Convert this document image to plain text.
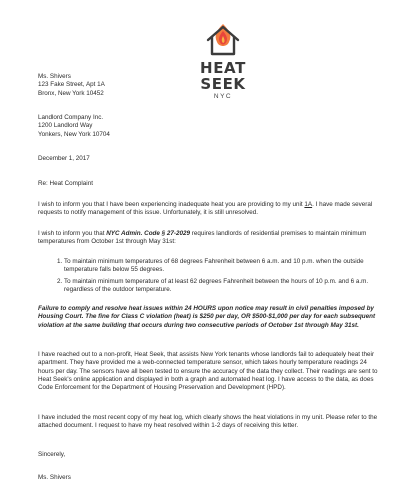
HEAT SEEK
NYC
Ms. Shivers
123 Fake Street, Apt 1A
Bronx, New York 10452
Landlord Company Inc.
1200 Landlord Way
Yonkers, New York 10704
December 1, 2017
Re: Heat Complaint
I wish to inform you that I have been experiencing inadequate heat you are providing to my unit 1A. I have made several requests to notify management of this issue. Unfortunately, it is still unresolved.
I wish to inform you that NYC Admin. Code § 27-2029 requires landlords of residential premises to maintain minimum temperatures from October 1st through May 31st:
1. To maintain minimum temperatures of 68 degrees Fahrenheit between 6 a.m. and 10 p.m. when the outside temperature falls below 55 degrees.
2. To maintain minimum temperature of at least 62 degrees Fahrenheit between the hours of 10 p.m. and 6 a.m. regardless of the outdoor temperature.
Failure to comply and resolve heat issues within 24 HOURS upon notice may result in civil penalties imposed by Housing Court. The fine for Class C violation (heat) is $250 per day, OR $500-$1,000 per day for each subsequent violation at the same building that occurs during two consecutive periods of October 1st through May 31st.
I have reached out to a non-profit, Heat Seek, that assists New York tenants whose landlords fail to adequately heat their apartment. They have provided me a web-connected temperature sensor, which takes hourly temperature readings 24 hours per day. The sensors have all been tested to ensure the accuracy of the data they collect. Their readings are sent to Heat Seek's online application and displayed in both a graph and automated heat log. I have access to the data, as does Code Enforcement for the Department of Housing Preservation and Development (HPD).
I have included the most recent copy of my heat log, which clearly shows the heat violations in my unit. Please refer to the attached document. I request to have my heat resolved within 1-2 days of receiving this letter.
Sincerely,
Ms. Shivers
